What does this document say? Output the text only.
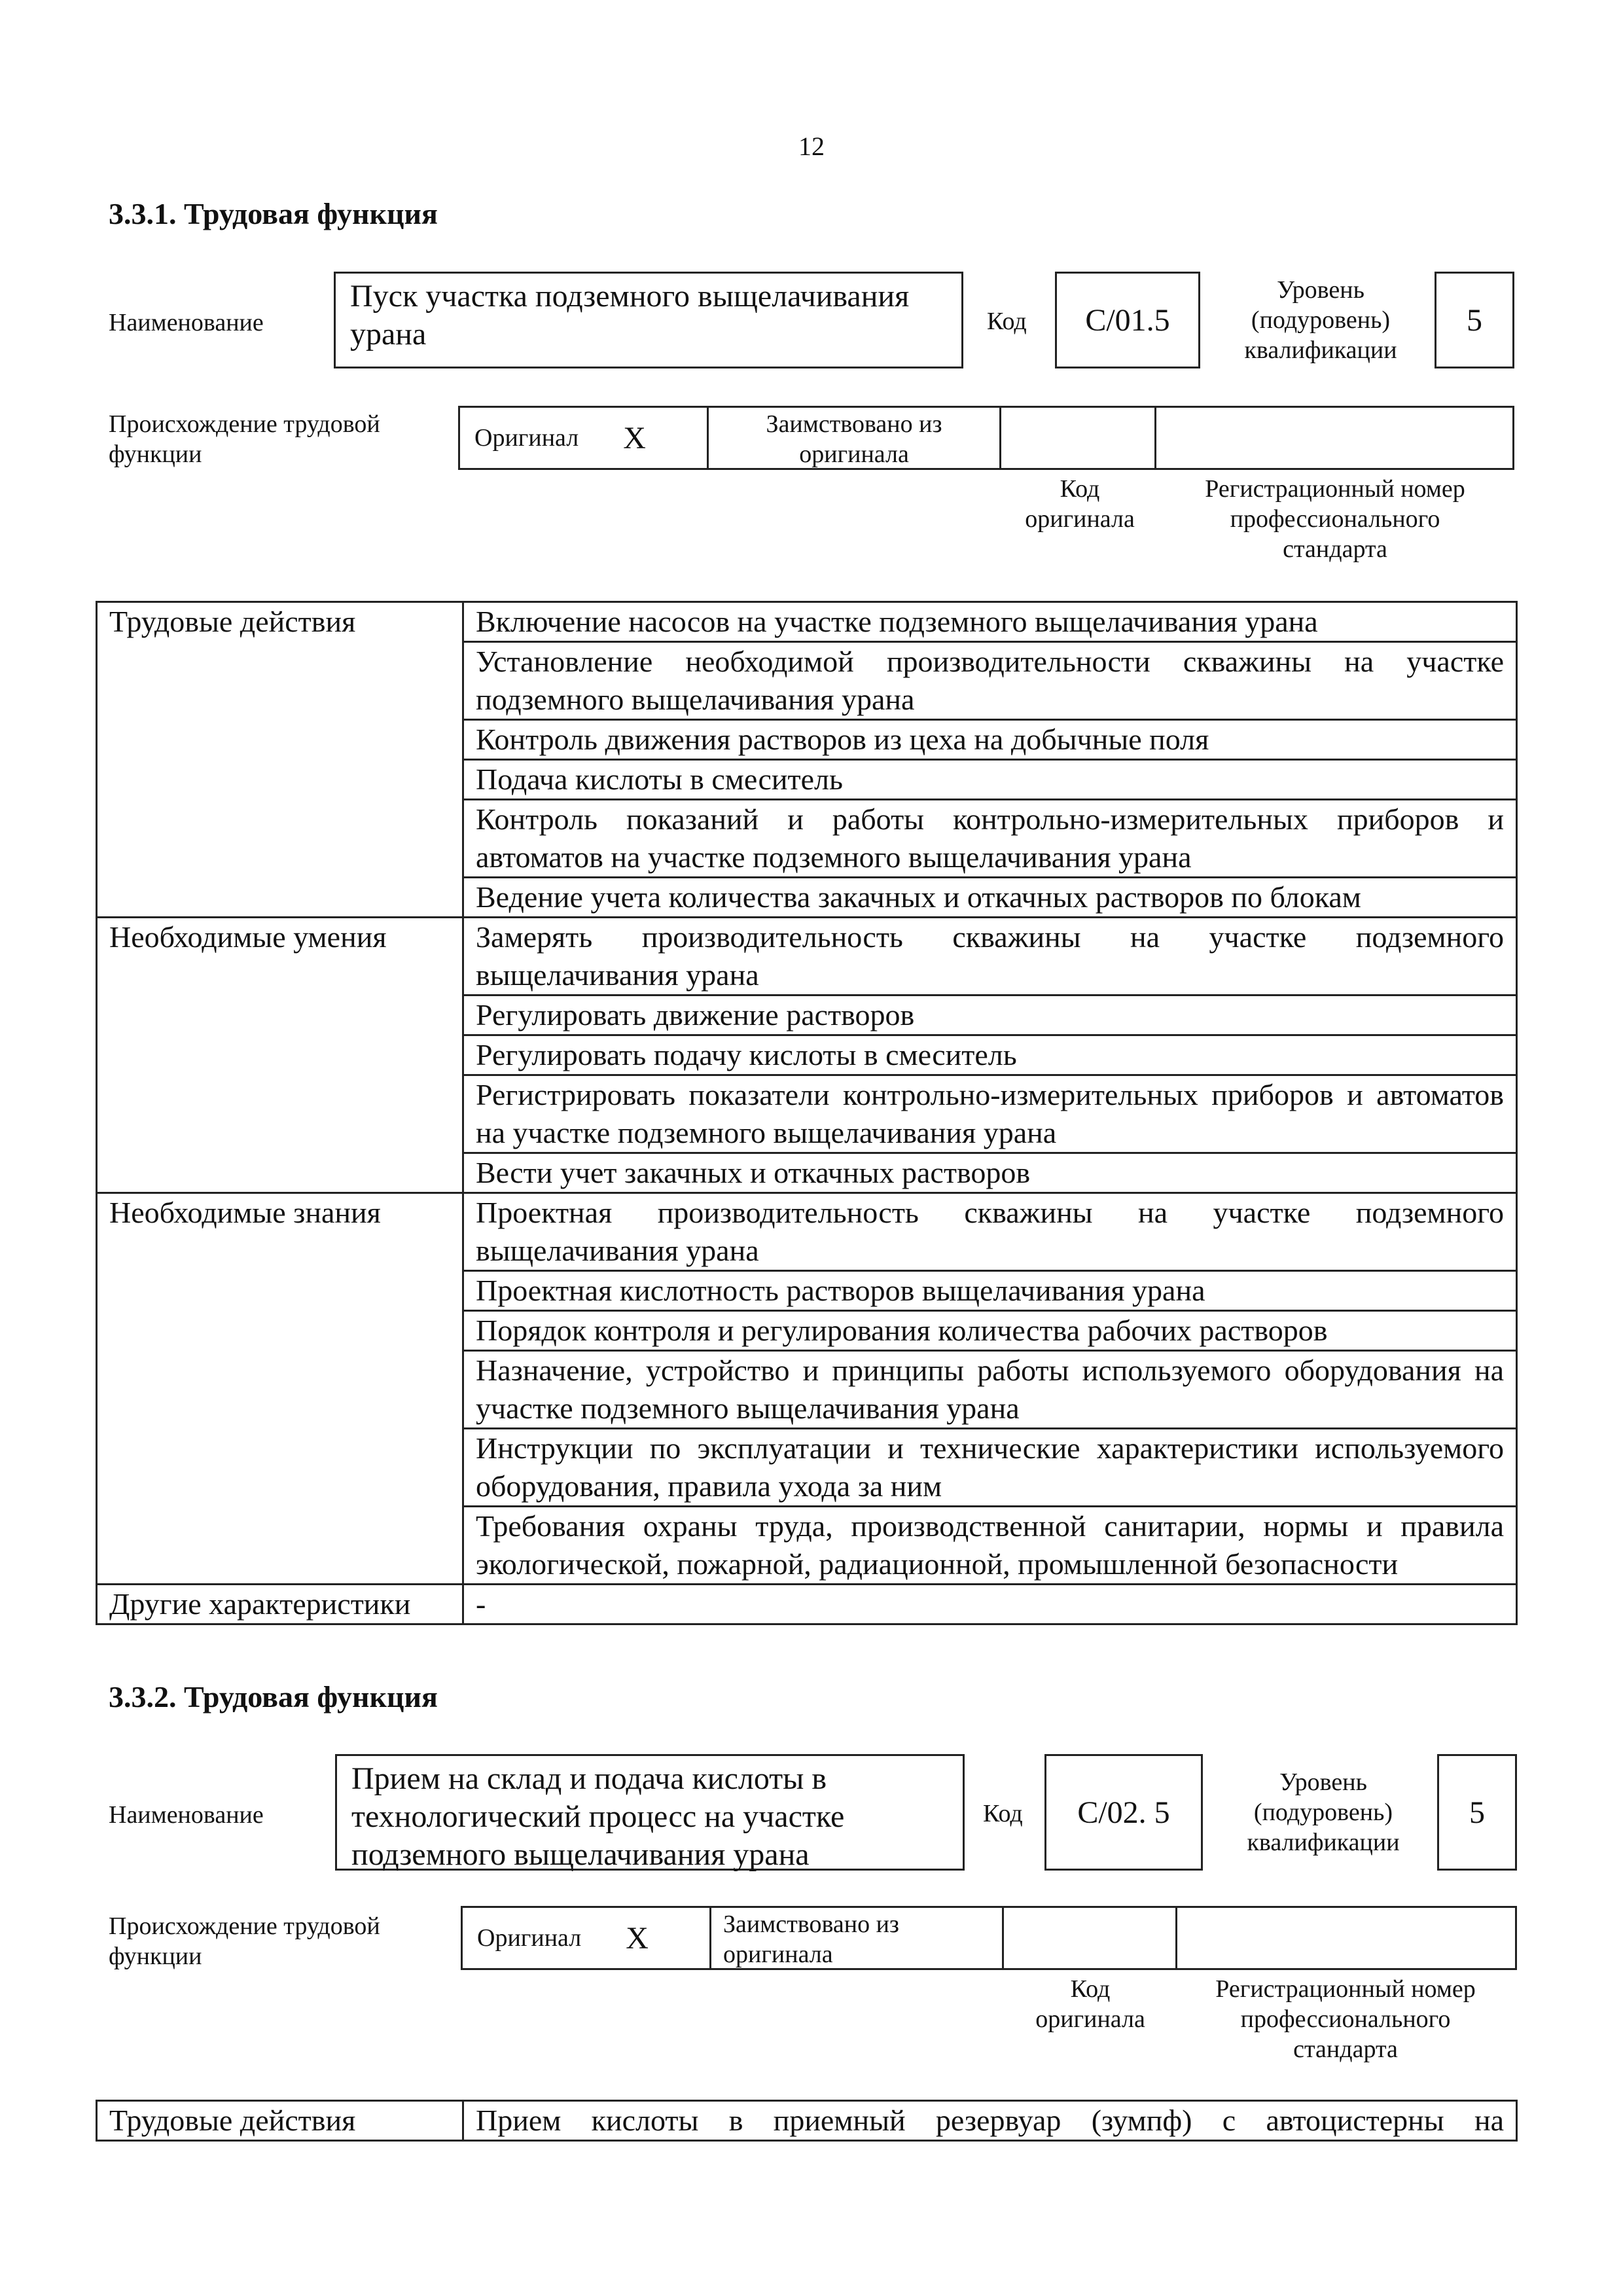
12
3.3.1. Трудовая функция
Наименование
Пуск участка подземного выщелачивания урана	Код	С/01.5
Уровень (подуровень) квалификации
5
Происхождение трудовой функции
Оригинал X	Заимствовано из оригинала
Код оригинала
Регистрационный номер профессионального стандарта
Трудовые действия	Включение насосов на участке подземного выщелачивания урана
	Установление необходимой производительности скважины на участке подземного выщелачивания урана
	Контроль движения растворов из цеха на добычные поля
	Подача кислоты в смеситель
	Контроль показаний и работы контрольно-измерительных приборов и автоматов на участке подземного выщелачивания урана
	Ведение учета количества закачных и откачных растворов по блокам
Необходимые умения	Замерять производительность скважины на участке подземного выщелачивания урана
	Регулировать движение растворов
	Регулировать подачу кислоты в смеситель
	Регистрировать показатели контрольно-измерительных приборов и автоматов на участке подземного выщелачивания урана
	Вести учет закачных и откачных растворов
Необходимые знания	Проектная производительность скважины на участке подземного выщелачивания урана
	Проектная кислотность растворов выщелачивания урана
	Порядок контроля и регулирования количества рабочих растворов
	Назначение, устройство и принципы работы используемого оборудования на участке подземного выщелачивания урана
	Инструкции по эксплуатации и технические характеристики используемого оборудования, правила ухода за ним
	Требования охраны труда, производственной санитарии, нормы и правила экологической, пожарной, радиационной, промышленной безопасности
Другие характеристики	-
3.3.2. Трудовая функция
Наименование
Прием на склад и подача кислоты в технологический процесс на участке подземного выщелачивания урана
Код	С/02. 5
Уровень (подуровень) квалификации
5
Происхождение трудовой функции
Оригинал X	Заимствовано из оригинала
Код оригинала
Регистрационный номер профессионального стандарта
Трудовые действия	Прием кислоты в приемный резервуар (зумпф) с автоцистерны на
